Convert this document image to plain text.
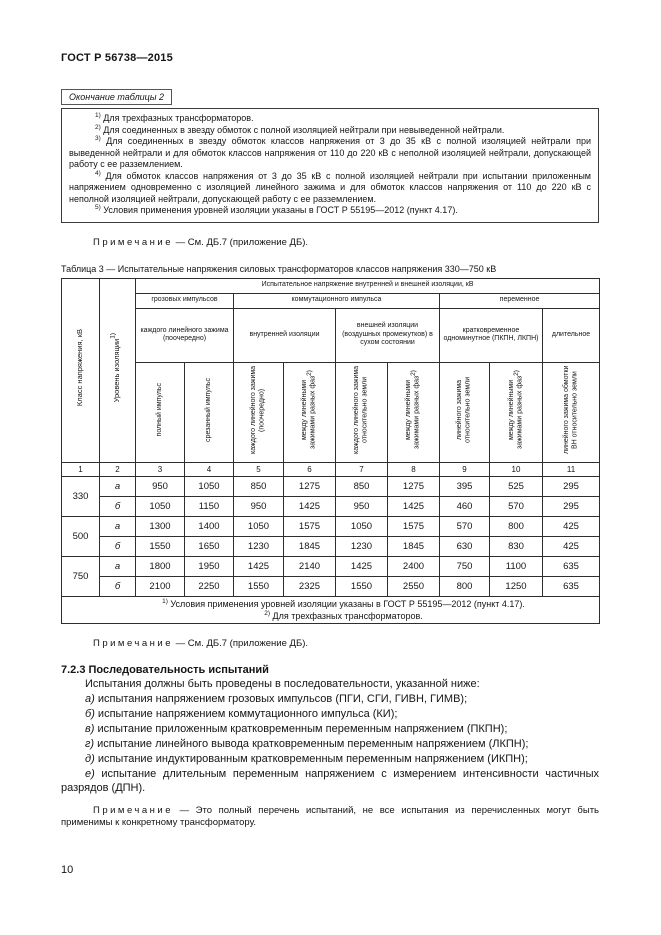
ГОСТ Р 56738—2015
Окончание таблицы 2

$^{1)}$ Для трехфазных трансформаторов.

$^{2)}$ Для соединенных в звезду обмоток с полной изоляцией нейтрали при невыведенной нейтрали.

$^{3)}$ Для соединенных в звезду обмоток классов напряжения от 3 до 35 кВ с полной изоляцией нейтрали при выведенной нейтрали и для обмоток классов напряжения от 110 до 220 кВ с неполной изоляцией нейтрали, допускающей работу с ее разземлением.

$^{4)}$ Для обмоток классов напряжения от 3 до 35 кВ с полной изоляцией нейтрали при испытании приложенным напряжением одновременно с изоляцией линейного зажима и для обмоток классов напряжения от 110 до 220 кВ с неполной изоляцией нейтрали, допускающей работу с ее разземлением.

$^{5)}$ Условия применения уровней изоляции указаны в ГОСТ Р 55195—2012 (пункт 4.17).

Примечание — См. ДБ.7 (приложение ДБ).

Таблица 3 — Испытательные напряжения силовых трансформаторов классов напряжения 330—750 кВ
Класс напряжения, кВ	Уровень изоляции1)	Испытательное напряжение внутренней и внешней изоляции, кВ								
		грозовых импульсов		коммутационного импульса				переменное		
		каждого линейного зажима (поочередно)		внутренней изоляции		внешней изоляции (воздушных промежутков) в сухом состоянии		кратковременное одноминутное (ПКПН, ЛКПН)		длительное
		полный импульс	срезанный импульс	каждого линейного зажима (поочередно)	между линейными зажимами разных фаз2)	каждого линейного зажима относительно земли	между линейными зажимами разных фаз2)	линейного зажима относительно земли	между линейными зажимами разных фаз2)	линейного зажима обмотки ВН относительно земли
1	2	3	4	5	6	7	8	9	10	11
330	а	950	1050	850	1275	850	1275	395	525	295
	б	1050	1150	950	1425	950	1425	460	570	295
500	а	1300	1400	1050	1575	1050	1575	570	800	425
	б	1550	1650	1230	1845	1230	1845	630	830	425
750	а	1800	1950	1425	2140	1425	2400	750	1100	635
	б	2100	2250	1550	2325	1550	2550	800	1250	635

$^{1)}$ Условия применения уровней изоляции указаны в ГОСТ Р 55195—2012 (пункт 4.17).

$^{2)}$ Для трехфазных трансформаторов.										

Примечание — См. ДБ.7 (приложение ДБ).

7.2.3 Последовательность испытаний

Испытания должны быть проведены в последовательности, указанной ниже:

а) испытания напряжением грозовых импульсов (ПГИ, СГИ, ГИВН, ГИМВ);

б) испытание напряжением коммутационного импульса (КИ);

в) испытание приложенным кратковременным переменным напряжением (ПКПН);

г) испытание линейного вывода кратковременным переменным напряжением (ЛКПН);

д) испытание индуктированным кратковременным переменным напряжением (ИКПН);

е) испытание длительным переменным напряжением с измерением интенсивности частичных разрядов (ДПН).

Примечание — Это полный перечень испытаний, не все испытания из перечисленных могут быть применимы к конкретному трансформатору.

10
